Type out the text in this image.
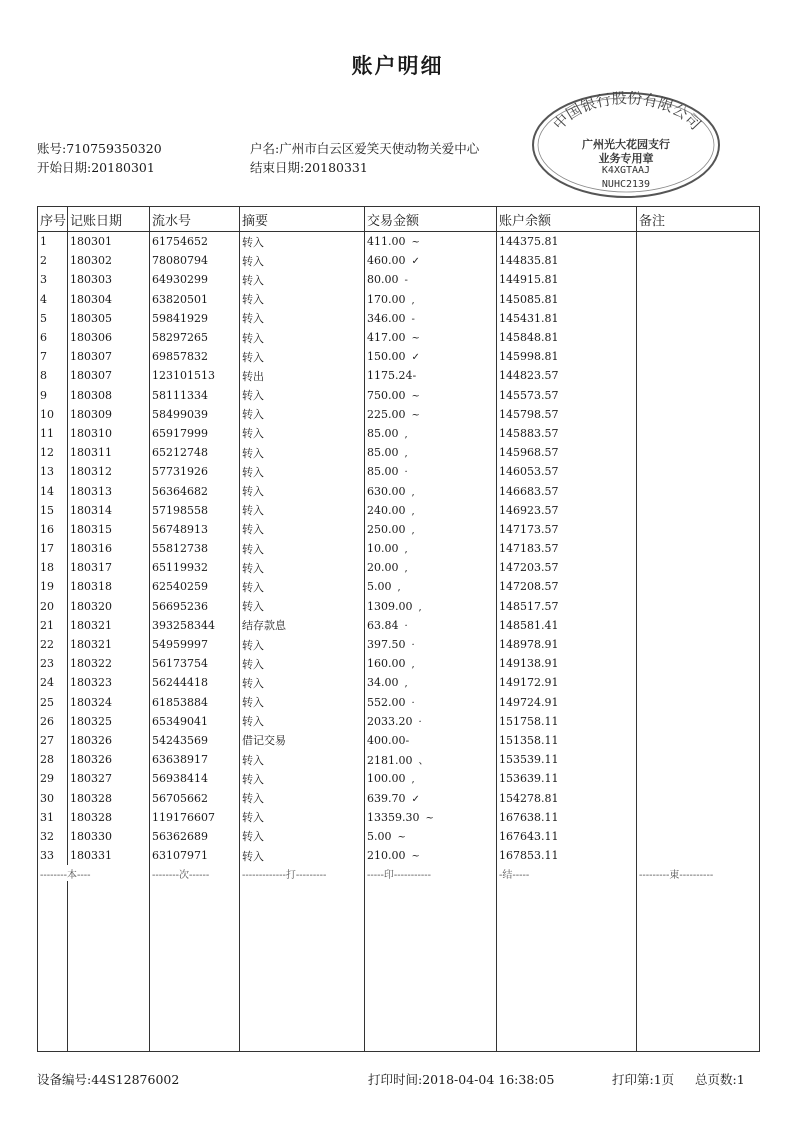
账户明细
账号:710759350320
开始日期:20180301
户名:广州市白云区爱笑天使动物关爱中心
结束日期:20180331
中国银行股份有限公司
广州光大花园支行
业务专用章
K4XGTAAJ
NUHC2139
序号	记账日期	流水号	摘要	交易金额	账户余额	备注
1	180301	61754652	转入	411.00 ~	144375.81	
2	180302	78080794	转入	460.00 ✓	144835.81	
3	180303	64930299	转入	80.00 -	144915.81	
4	180304	63820501	转入	170.00 ,	145085.81	
5	180305	59841929	转入	346.00 -	145431.81	
6	180306	58297265	转入	417.00 ~	145848.81	
7	180307	69857832	转入	150.00 ✓	145998.81	
8	180307	123101513	转出	1175.24-	144823.57	
9	180308	58111334	转入	750.00 ~	145573.57	
10	180309	58499039	转入	225.00 ~	145798.57	
11	180310	65917999	转入	85.00 ,	145883.57	
12	180311	65212748	转入	85.00 ,	145968.57	
13	180312	57731926	转入	85.00 ·	146053.57	
14	180313	56364682	转入	630.00 ,	146683.57	
15	180314	57198558	转入	240.00 ,	146923.57	
16	180315	56748913	转入	250.00 ,	147173.57	
17	180316	55812738	转入	10.00 ,	147183.57	
18	180317	65119932	转入	20.00 ,	147203.57	
19	180318	62540259	转入	5.00 ,	147208.57	
20	180320	56695236	转入	1309.00 ,	148517.57	
21	180321	393258344	结存款息	63.84 ·	148581.41	
22	180321	54959997	转入	397.50 ·	148978.91	
23	180322	56173754	转入	160.00 ,	149138.91	
24	180323	56244418	转入	34.00 ,	149172.91	
25	180324	61853884	转入	552.00 ·	149724.91	
26	180325	65349041	转入	2033.20 ·	151758.11	
27	180326	54243569	借记交易	400.00-	151358.11	
28	180326	63638917	转入	2181.00 、	153539.11	
29	180327	56938414	转入	100.00 ,	153639.11	
30	180328	56705662	转入	639.70 ✓	154278.81	
31	180328	119176607	转入	13359.30 ~	167638.11	
32	180330	56362689	转入	5.00 ~	167643.11	
33	180331	63107971	转入	210.00 ~	167853.11	
--------本----		--------次------	-------------打---------	-----印-----------	-结-----	---------東----------

设备编号:44S12876002	打印时间:2018-04-04 16:38:05	打印第:1页 总页数:1
